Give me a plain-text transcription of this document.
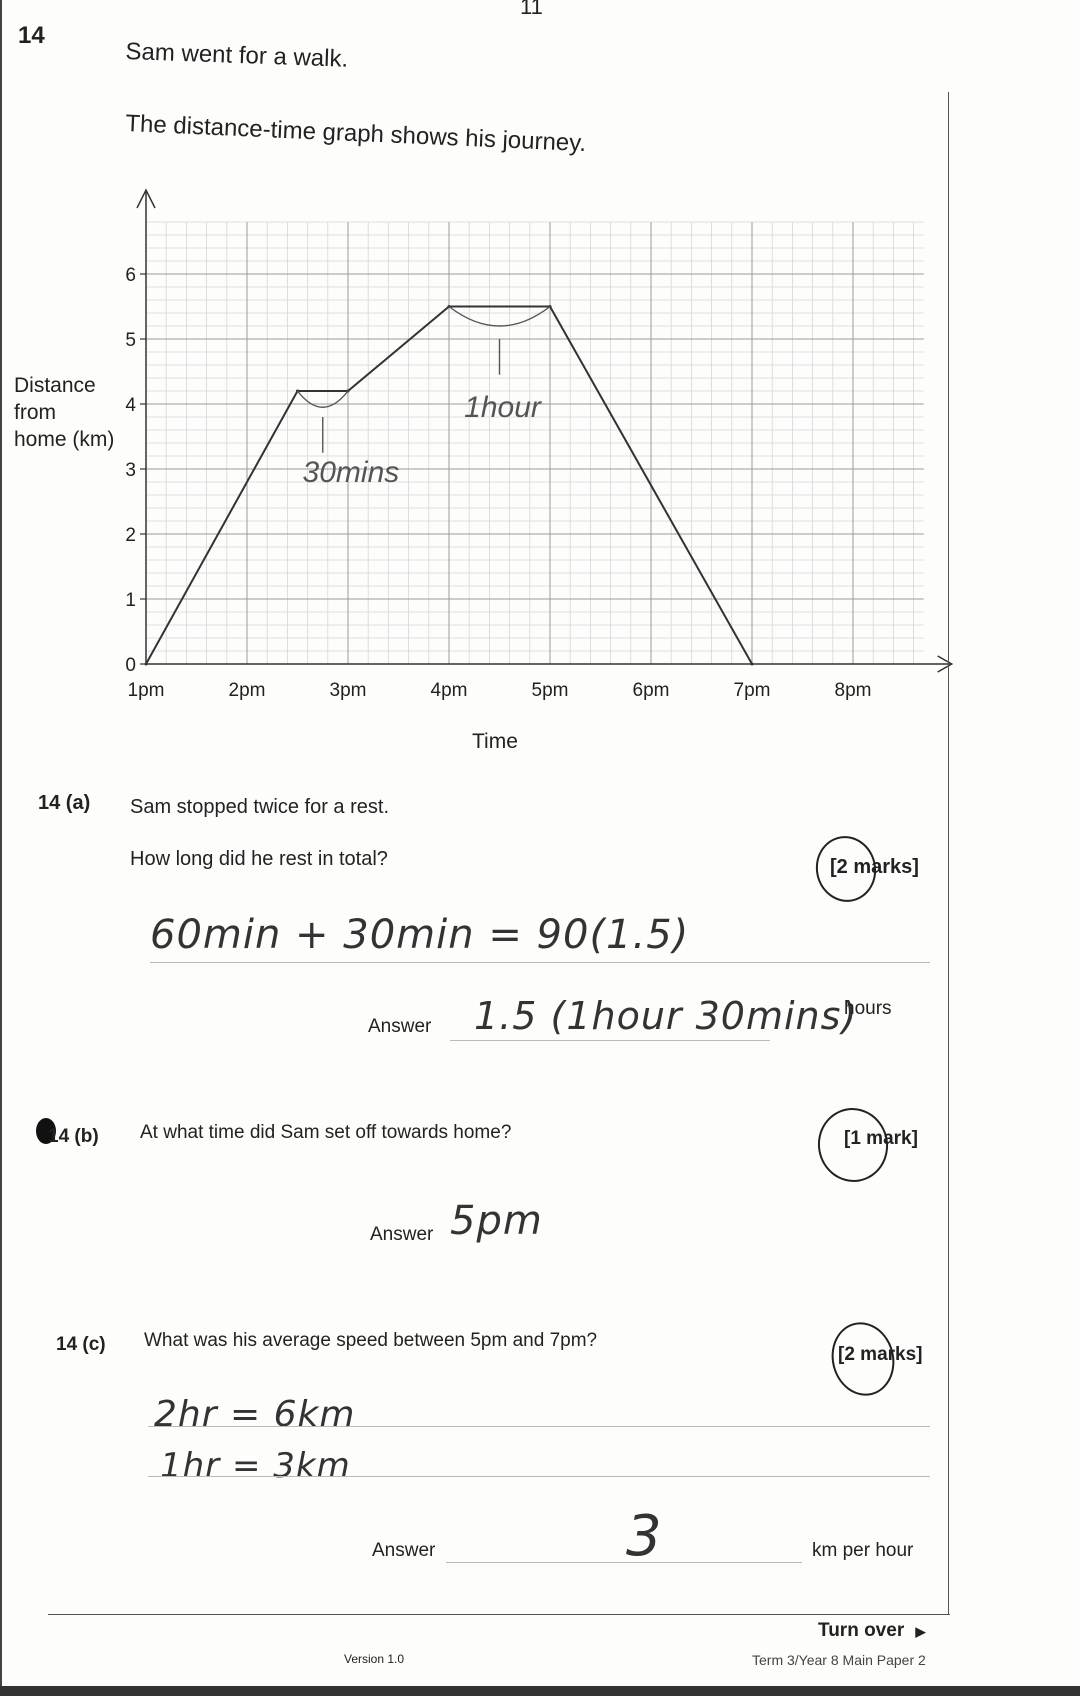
11
14
Sam went for a walk.
The distance-time graph shows his journey.
Distance
from
home (km)
0
1
2
3
4
5
6
1pm	2pm	3pm	4pm	5pm	6pm	7pm	8pm
30mins
1hour
Time
14 (a) Sam stopped twice for a rest.
How long did he rest in total?	[2 marks]
60min + 30min = 90(1.5)
Answer 1.5 (1hour 30mins)
hours
14 (b) At what time did Sam set off towards home?	[1 mark]
Answer 5pm
14 (c) What was his average speed between 5pm and 7pm?
[2 marks]
2hr = 6km
1hr = 3km
Answer	3	km per hour
Turn over ▶
Version 1.0	Term 3/Year 8 Main Paper 2
